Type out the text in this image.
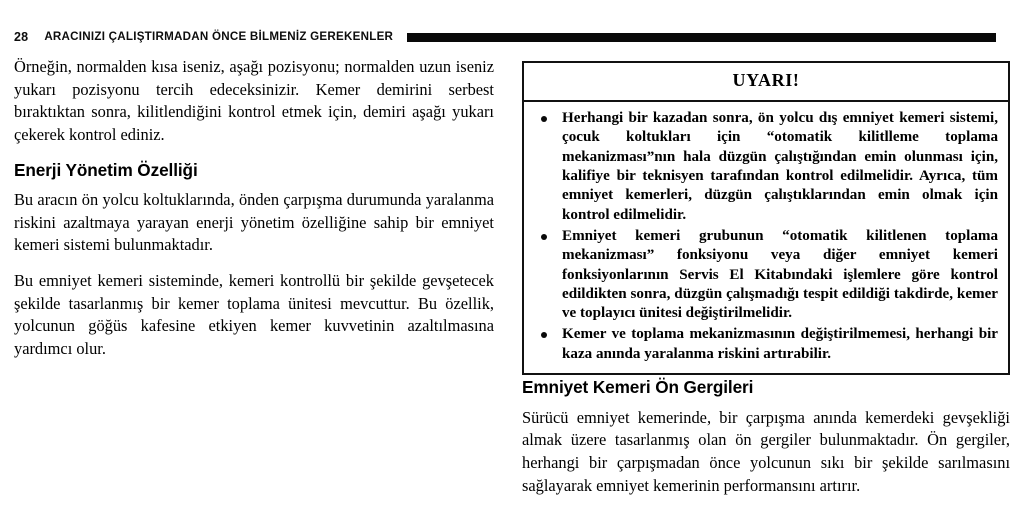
28 ARACINIZI ÇALIŞTIRMADAN ÖNCE BİLMENİZ GEREKENLER

Örneğin, normalden kısa iseniz, aşağı pozisyonu; normalden uzun iseniz yukarı pozisyonu tercih edeceksinizir. Kemer demirini serbest bıraktıktan sonra, kilitlendiğini kontrol etmek için, demiri aşağı yukarı çekerek kontrol ediniz.

Enerji Yönetim Özelliği

Bu aracın ön yolcu koltuklarında, önden çarpışma durumunda yaralanma riskini azaltmaya yarayan enerji yönetim özelliğine sahip bir emniyet kemeri sistemi bulunmaktadır.

Bu emniyet kemeri sisteminde, kemeri kontrollü bir şekilde gevşetecek şekilde tasarlanmış bir kemer toplama ünitesi mevcuttur. Bu özellik, yolcunun göğüs kafesine etkiyen kemer kuvvetinin azaltılmasına yardımcı olur.

UYARI!
Herhangi bir kazadan sonra, ön yolcu dış emniyet kemeri sistemi, çocuk koltukları için “otomatik kilitlleme toplama mekanizması”nın hala düzgün çalıştığından emin olunması için, kalifiye bir teknisyen tarafından kontrol edilmelidir. Ayrıca, tüm emniyet kemerleri, düzgün çalıştıklarından emin olmak için kontrol edilmelidir.
Emniyet kemeri grubunun “otomatik kilitlenen toplama mekanizması” fonksiyonu veya diğer emniyet kemeri fonksiyonlarının Servis El Kitabındaki işlemlere göre kontrol edildikten sonra, düzgün çalışmadığı tespit edildiği takdirde, kemer ve toplayıcı ünitesi değiştirilmelidir.
Kemer ve toplama mekanizmasının değiştirilmemesi, herhangi bir kaza anında yaralanma riskini artırabilir.
Emniyet Kemeri Ön Gergileri

Sürücü emniyet kemerinde, bir çarpışma anında kemerdeki gevşekliği almak üzere tasarlanmış olan ön gergiler bulunmaktadır. Ön gergiler, herhangi bir çarpışmadan önce yolcunun sıkı bir şekilde sarılmasını sağlayarak emniyet kemerinin performansını artırır.
